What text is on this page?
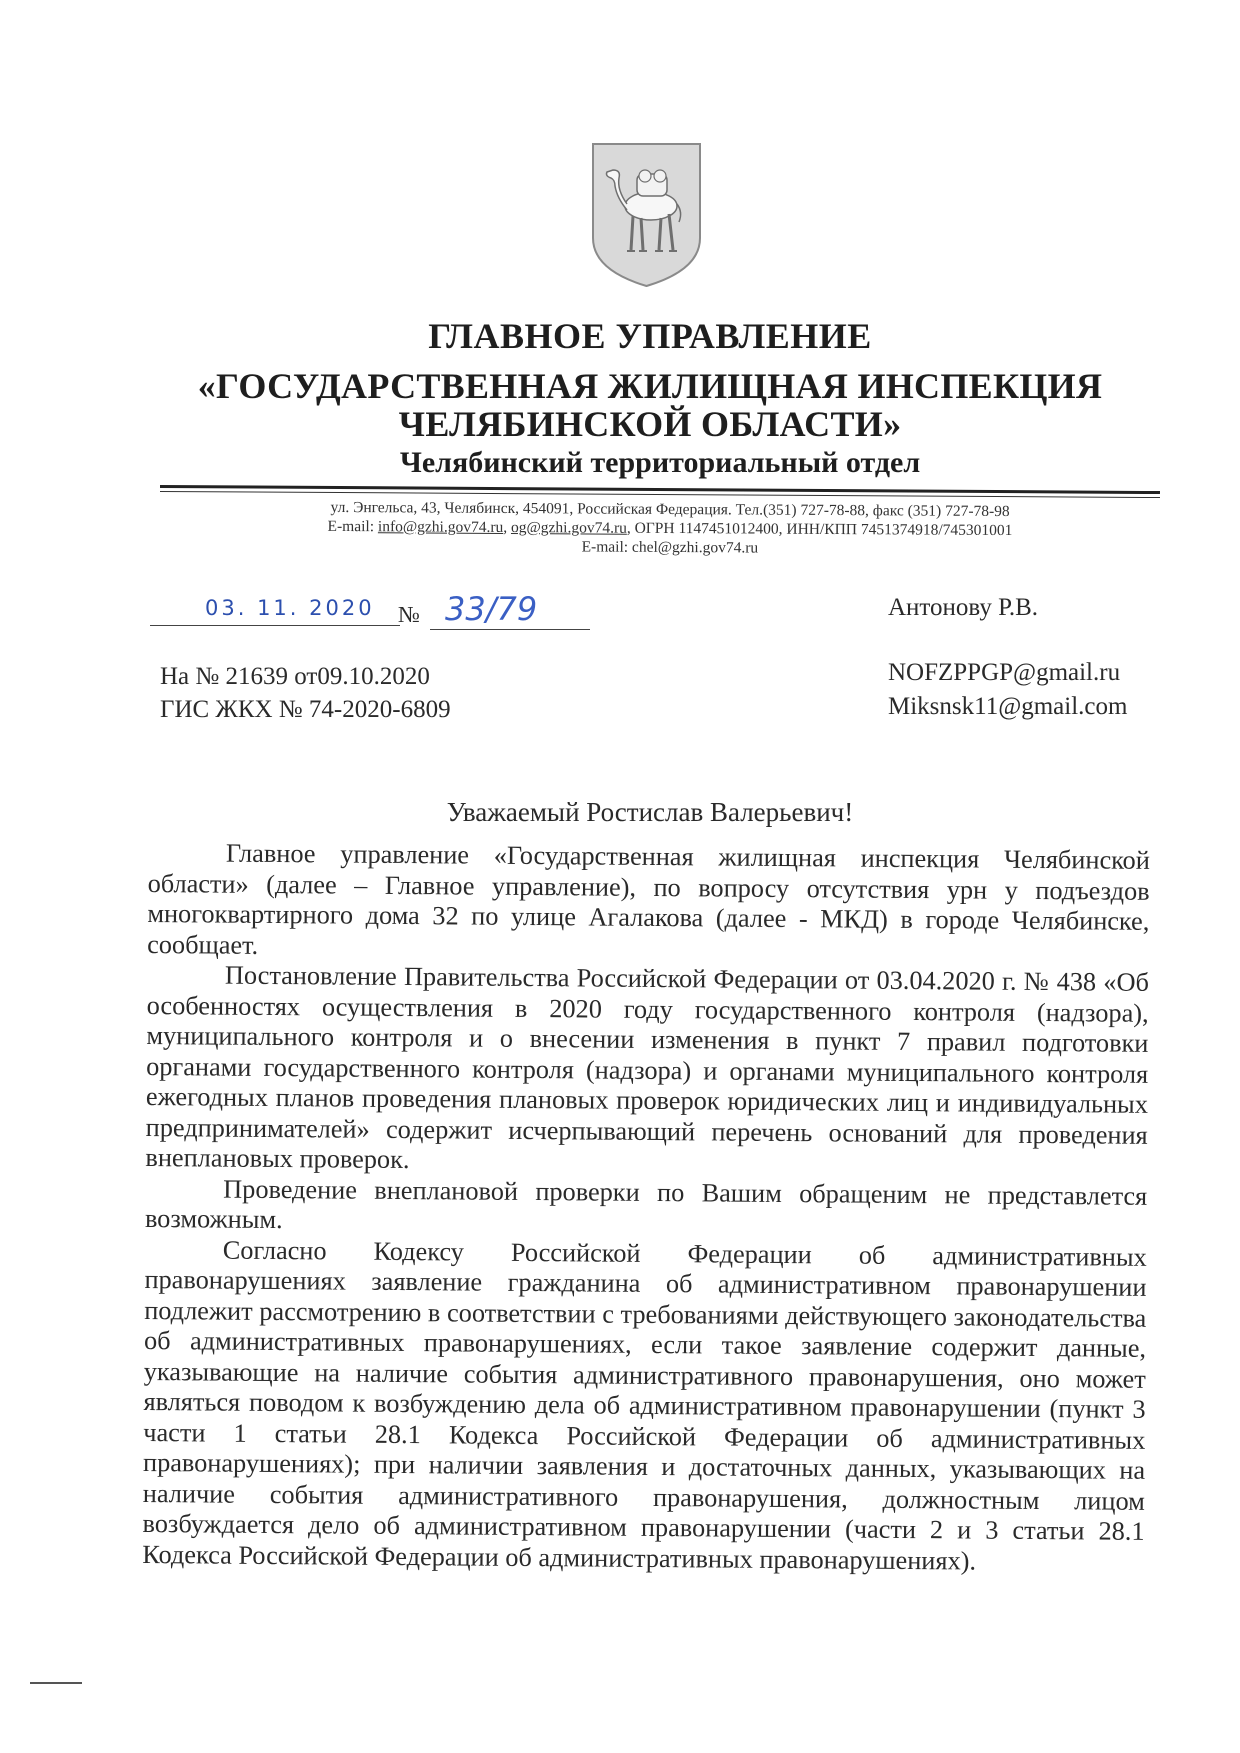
ГЛАВНОЕ УПРАВЛЕНИЕ
«ГОСУДАРСТВЕННАЯ ЖИЛИЩНАЯ ИНСПЕКЦИЯ
ЧЕЛЯБИНСКОЙ ОБЛАСТИ»
Челябинский территориальный отдел
ул. Энгельса, 43, Челябинск, 454091, Российская Федерация. Тел.(351) 727-78-88, факс (351) 727-78-98
E-mail: info@gzhi.gov74.ru, og@gzhi.gov74.ru, ОГРН 1147451012400, ИНН/КПП 7451374918/745301001
E-mail: chel@gzhi.gov74.ru
03. 11. 2020 № 33/79	Антонову Р.В.
NOFZPPGP@gmail.ru
Miksnsk11@gmail.com
На № 21639 от09.10.2020
ГИС ЖКХ № 74-2020-6809
Уважаемый Ростислав Валерьевич!

Главное управление «Государственная жилищная инспекция Челябинской области» (далее – Главное управление), по вопросу отсутствия урн у подъездов многоквартирного дома 32 по улице Агалакова (далее - МКД) в городе Челябинске, сообщает.

Постановление Правительства Российской Федерации от 03.04.2020 г. № 438 «Об особенностях осуществления в 2020 году государственного контроля (надзора), муниципального контроля и о внесении изменения в пункт 7 правил подготовки органами государственного контроля (надзора) и органами муниципального контроля ежегодных планов проведения плановых проверок юридических лиц и индивидуальных предпринимателей» содержит исчерпывающий перечень оснований для проведения внеплановых проверок.

Проведение внеплановой проверки по Вашим обращеним не представлется возможным.

Согласно Кодексу Российской Федерации об административных правонарушениях заявление гражданина об административном правонарушении подлежит рассмотрению в соответствии с требованиями действующего законодательства об административных правонарушениях, если такое заявление содержит данные, указывающие на наличие события административного правонарушения, оно может являться поводом к возбуждению дела об административном правонарушении (пункт 3 части 1 статьи 28.1 Кодекса Российской Федерации об административных правонарушениях); при наличии заявления и достаточных данных, указывающих на наличие события административного правонарушения, должностным лицом возбуждается дело об административном правонарушении (части 2 и 3 статьи 28.1 Кодекса Российской Федерации об административных правонарушениях).
